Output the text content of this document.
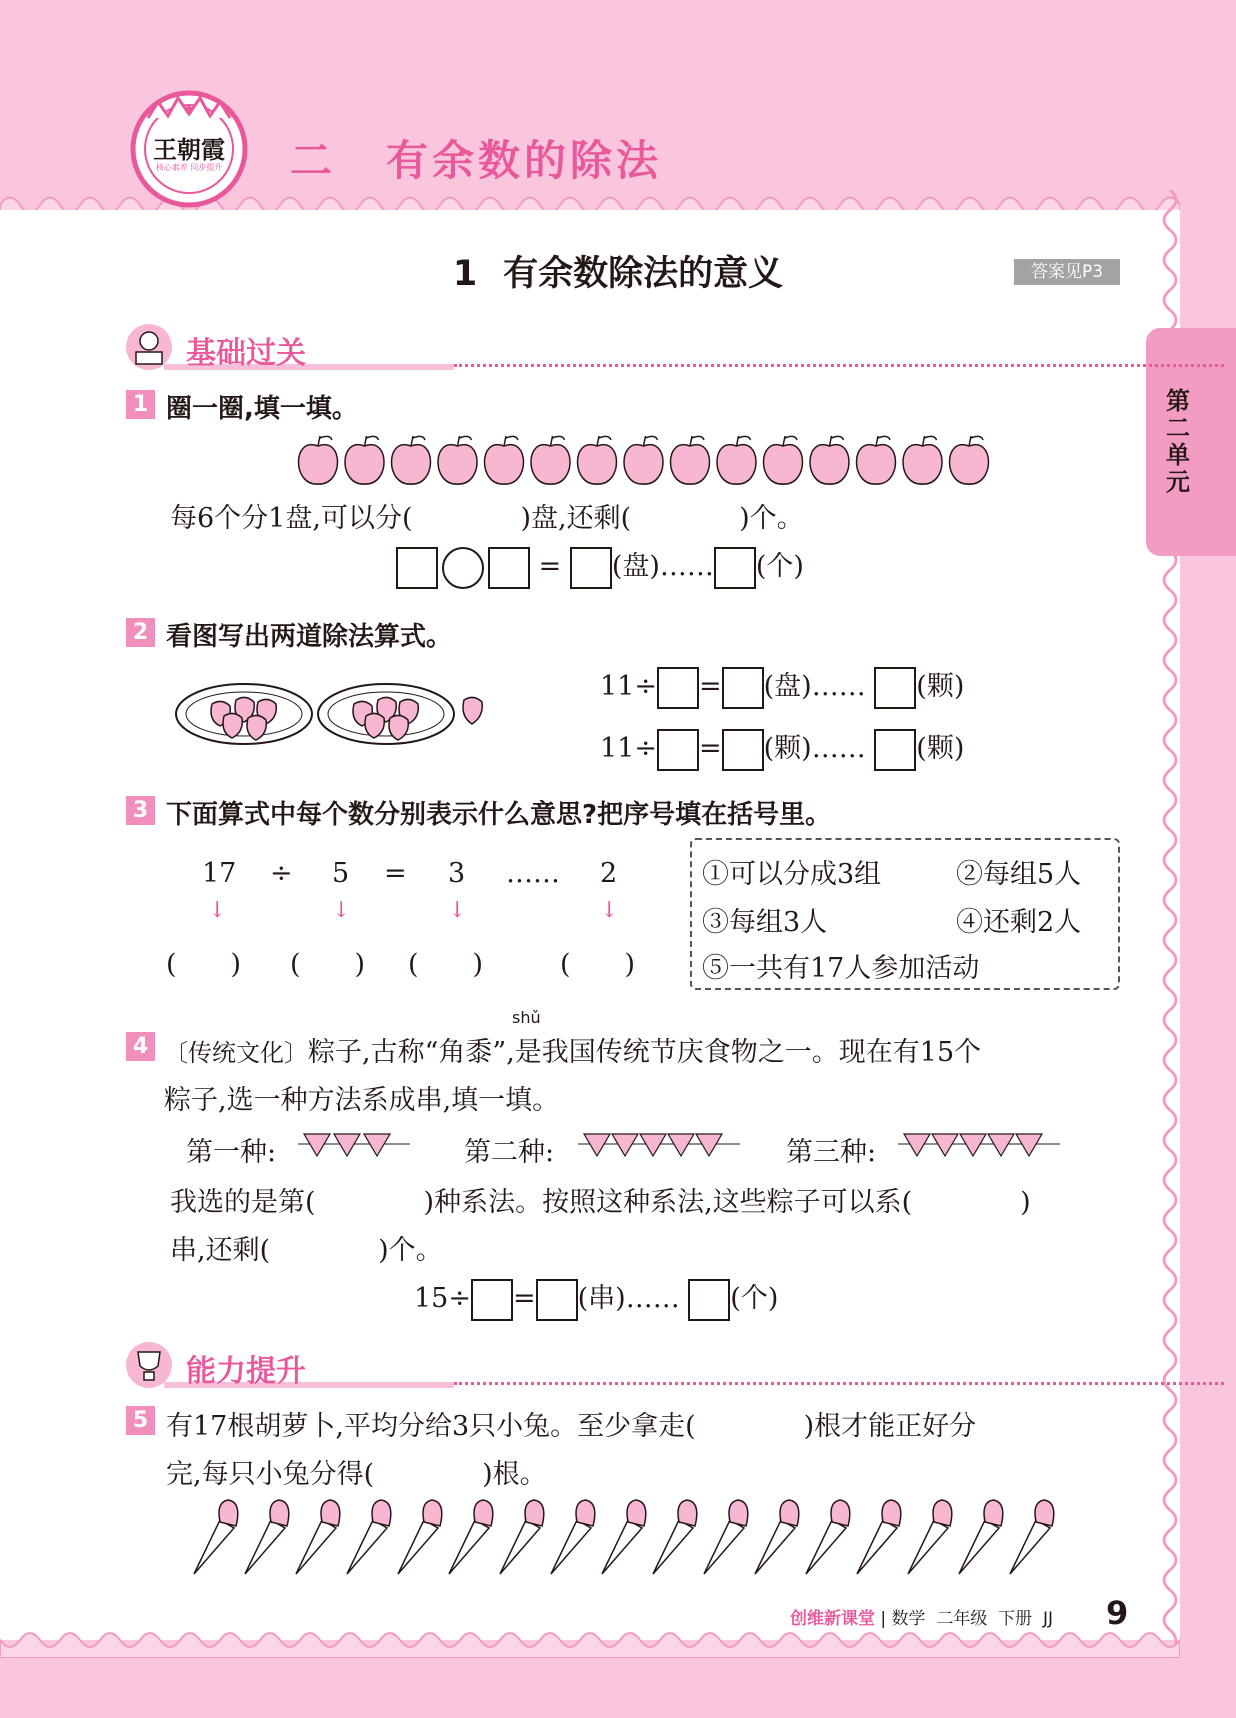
王朝霞
核心素养 同步提升 二 有余数的除法
1 有余数除法的意义	答案见P3
第二单元
基础过关
1 圈一圈,填一填。
每6个分1盘,可以分(　　　　)盘,还剩(　　　　)个。
= (盘)…… (个)
2 看图写出两道除法算式。
11÷ = (盘)…… (颗)
11÷ = (颗)…… (颗)
3 下面算式中每个数分别表示什么意思?把序号填在括号里。
17 ÷ 5 = 3 …… 2
↓	↓	↓	↓
(　　) (　　) (　　)	(　　)
①可以分成3组	②每组5人
③每组3人	④还剩2人
⑤一共有17人参加活动
4
shǔ
〔传统文化〕粽子,古称“角黍”,是我国传统节庆食物之一。现在有15个
粽子,选一种方法系成串,填一填。
第一种:	第二种:	第三种:
我选的是第(　　　　)种系法。按照这种系法,这些粽子可以系(　　　　)
串,还剩(　　　　)个。
15÷ = (串)…… (个)
能力提升
5 有17根胡萝卜,平均分给3只小兔。至少拿走(　　　　)根才能正好分
完,每只小兔分得(　　　　)根。
创维新课堂 | 数学 二年级 下册 JJ 9
